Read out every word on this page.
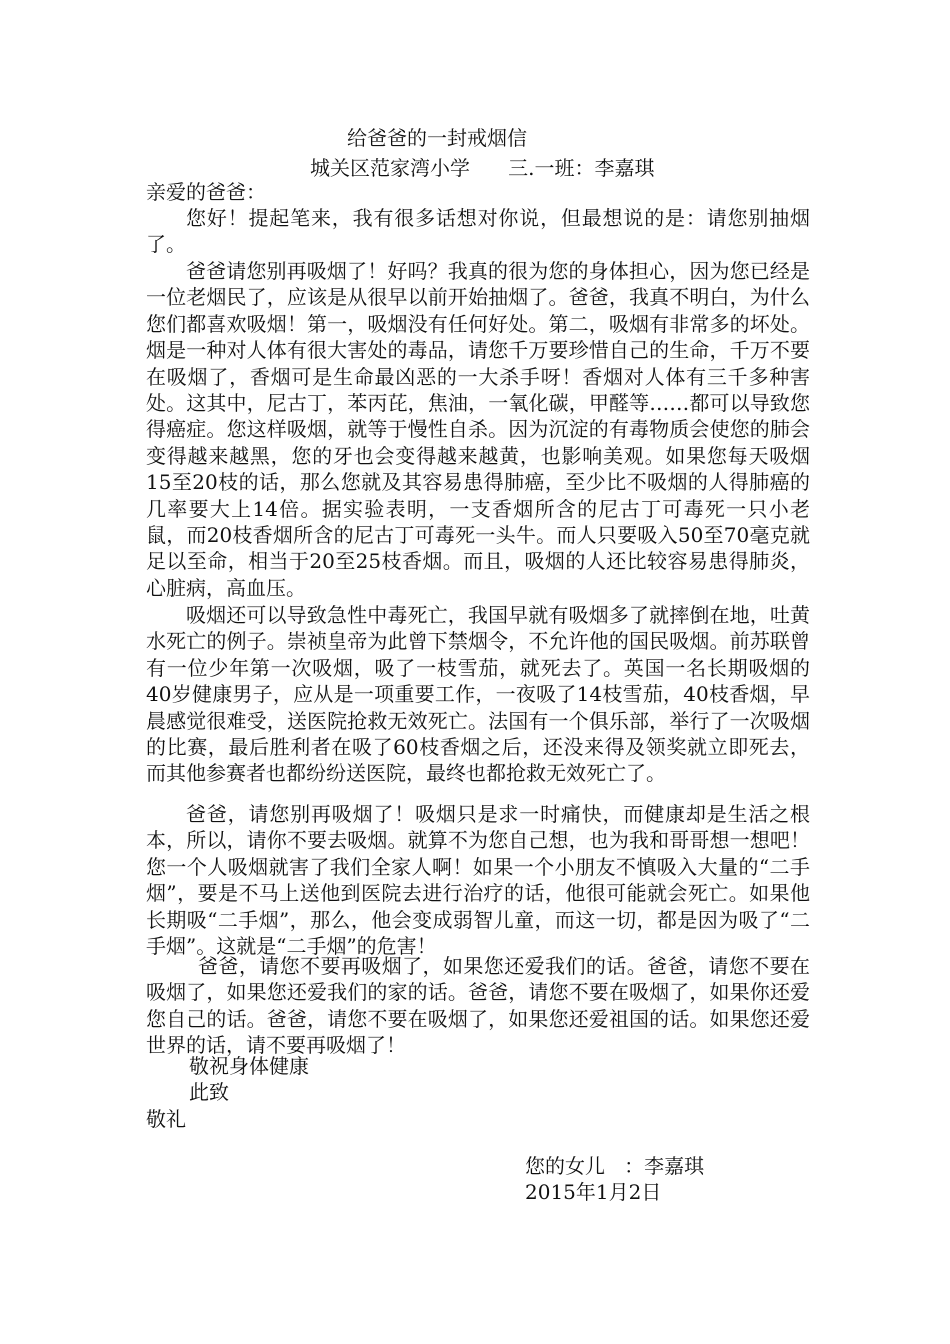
给爸爸的一封戒烟信
城关区范家湾小学      三.一班：李嘉琪
亲爱的爸爸：

您好！提起笔来，我有很多话想对你说，但最想说的是：请您别抽烟了。

爸爸请您别再吸烟了！好吗？我真的很为您的身体担心，因为您已经是一位老烟民了，应该是从很早以前开始抽烟了。爸爸，我真不明白，为什么您们都喜欢吸烟！第一，吸烟没有任何好处。第二，吸烟有非常多的坏处。烟是一种对人体有很大害处的毒品，请您千万要珍惜自己的生命，千万不要在吸烟了，香烟可是生命最凶恶的一大杀手呀！香烟对人体有三千多种害处。这其中，尼古丁，苯丙芘，焦油，一氧化碳，甲醛等……都可以导致您得癌症。您这样吸烟，就等于慢性自杀。因为沉淀的有毒物质会使您的肺会变得越来越黑，您的牙也会变得越来越黄，也影响美观。如果您每天吸烟15至20枝的话，那么您就及其容易患得肺癌，至少比不吸烟的人得肺癌的几率要大上14倍。据实验表明，一支香烟所含的尼古丁可毒死一只小老鼠，而20枝香烟所含的尼古丁可毒死一头牛。而人只要吸入50至70毫克就足以至命，相当于20至25枝香烟。而且，吸烟的人还比较容易患得肺炎，心脏病，高血压。

吸烟还可以导致急性中毒死亡，我国早就有吸烟多了就摔倒在地，吐黄水死亡的例子。崇祯皇帝为此曾下禁烟令，不允许他的国民吸烟。前苏联曾有一位少年第一次吸烟，吸了一枝雪茄，就死去了。英国一名长期吸烟的40岁健康男子，应从是一项重要工作，一夜吸了14枝雪茄，40枝香烟，早晨感觉很难受，送医院抢救无效死亡。法国有一个俱乐部，举行了一次吸烟的比赛，最后胜利者在吸了60枝香烟之后，还没来得及领奖就立即死去，而其他参赛者也都纷纷送医院，最终也都抢救无效死亡了。

爸爸，请您别再吸烟了！吸烟只是求一时痛快，而健康却是生活之根本，所以，请你不要去吸烟。就算不为您自己想，也为我和哥哥想一想吧！您一个人吸烟就害了我们全家人啊！如果一个小朋友不慎吸入大量的“二手烟”，要是不马上送他到医院去进行治疗的话，他很可能就会死亡。如果他长期吸“二手烟”，那么，他会变成弱智儿童，而这一切，都是因为吸了“二手烟”。这就是“二手烟”的危害！

爸爸，请您不要再吸烟了，如果您还爱我们的话。爸爸，请您不要在吸烟了，如果您还爱我们的家的话。爸爸，请您不要在吸烟了，如果你还爱您自己的话。爸爸，请您不要在吸烟了，如果您还爱祖国的话。如果您还爱世界的话，请不要再吸烟了！

敬祝身体健康
此致
敬礼
您的女儿   ：李嘉琪
2015年1月2日
